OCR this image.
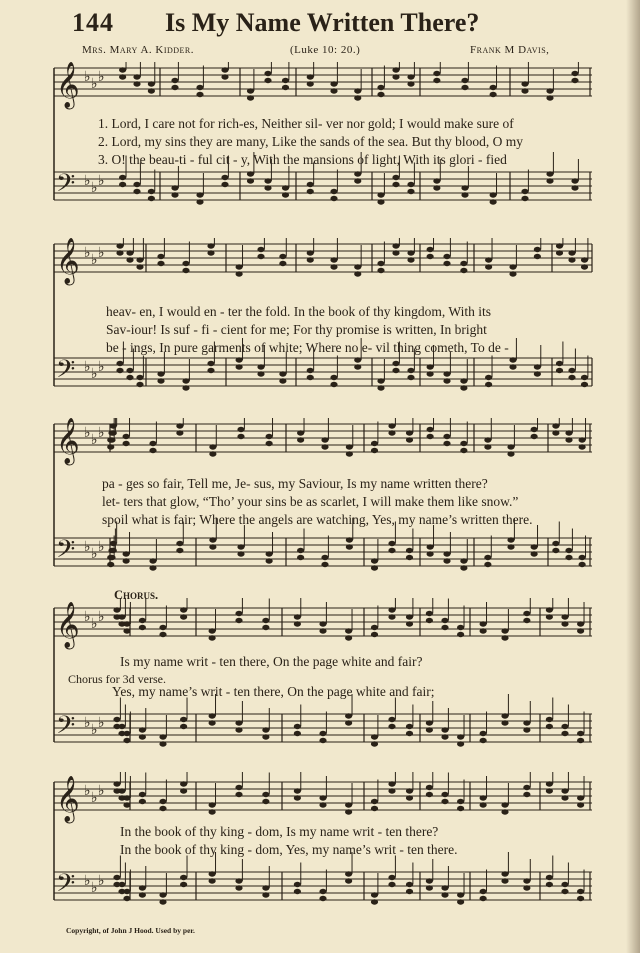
144 Is My Name Written There?
Mrs. Mary A. Kidder.	(Luke 10: 20.)	Frank M Davis,
𝄞 ♭ ♭ ♭
𝄢 ♭ ♭ ♭
1. Lord, I care not for rich-es, Neither sil- ver nor gold; I would make sure of
2. Lord, my sins they are many, Like the sands of the sea. But thy blood, O my
3. O! the beau-ti - ful cit - y, With the mansions of light, With its glori - fied
𝄞 ♭ ♭ ♭
𝄢 ♭ ♭ ♭
heav- en, I would en - ter the fold. In the book of thy kingdom, With its
Sav-iour! Is suf - fi - cient for me; For thy promise is written, In bright
be - ings, In pure garments of white; Where no e- vil thing cometh, To de -
𝄞 ♭ ♭ ♭
𝄢 ♭ ♭ ♭
pa - ges so fair, Tell me, Je- sus, my Saviour, Is my name written there?
let- ters that glow, “Tho’ your sins be as scarlet, I will make them like snow.”
spoil what is fair; Where the angels are watching, Yes, my name’s written there.
Chorus.
𝄞 ♭ ♭ ♭
𝄢 ♭ ♭ ♭
Is my name writ - ten there, On the page white and fair?
Chorus for 3d verse.
Yes, my name’s writ - ten there, On the page white and fair;
𝄞 ♭ ♭ ♭
𝄢 ♭ ♭ ♭
In the book of thy king - dom, Is my name writ - ten there?
In the book of thy king - dom, Yes, my name’s writ - ten there.
Copyright, of John J Hood. Used by per.
